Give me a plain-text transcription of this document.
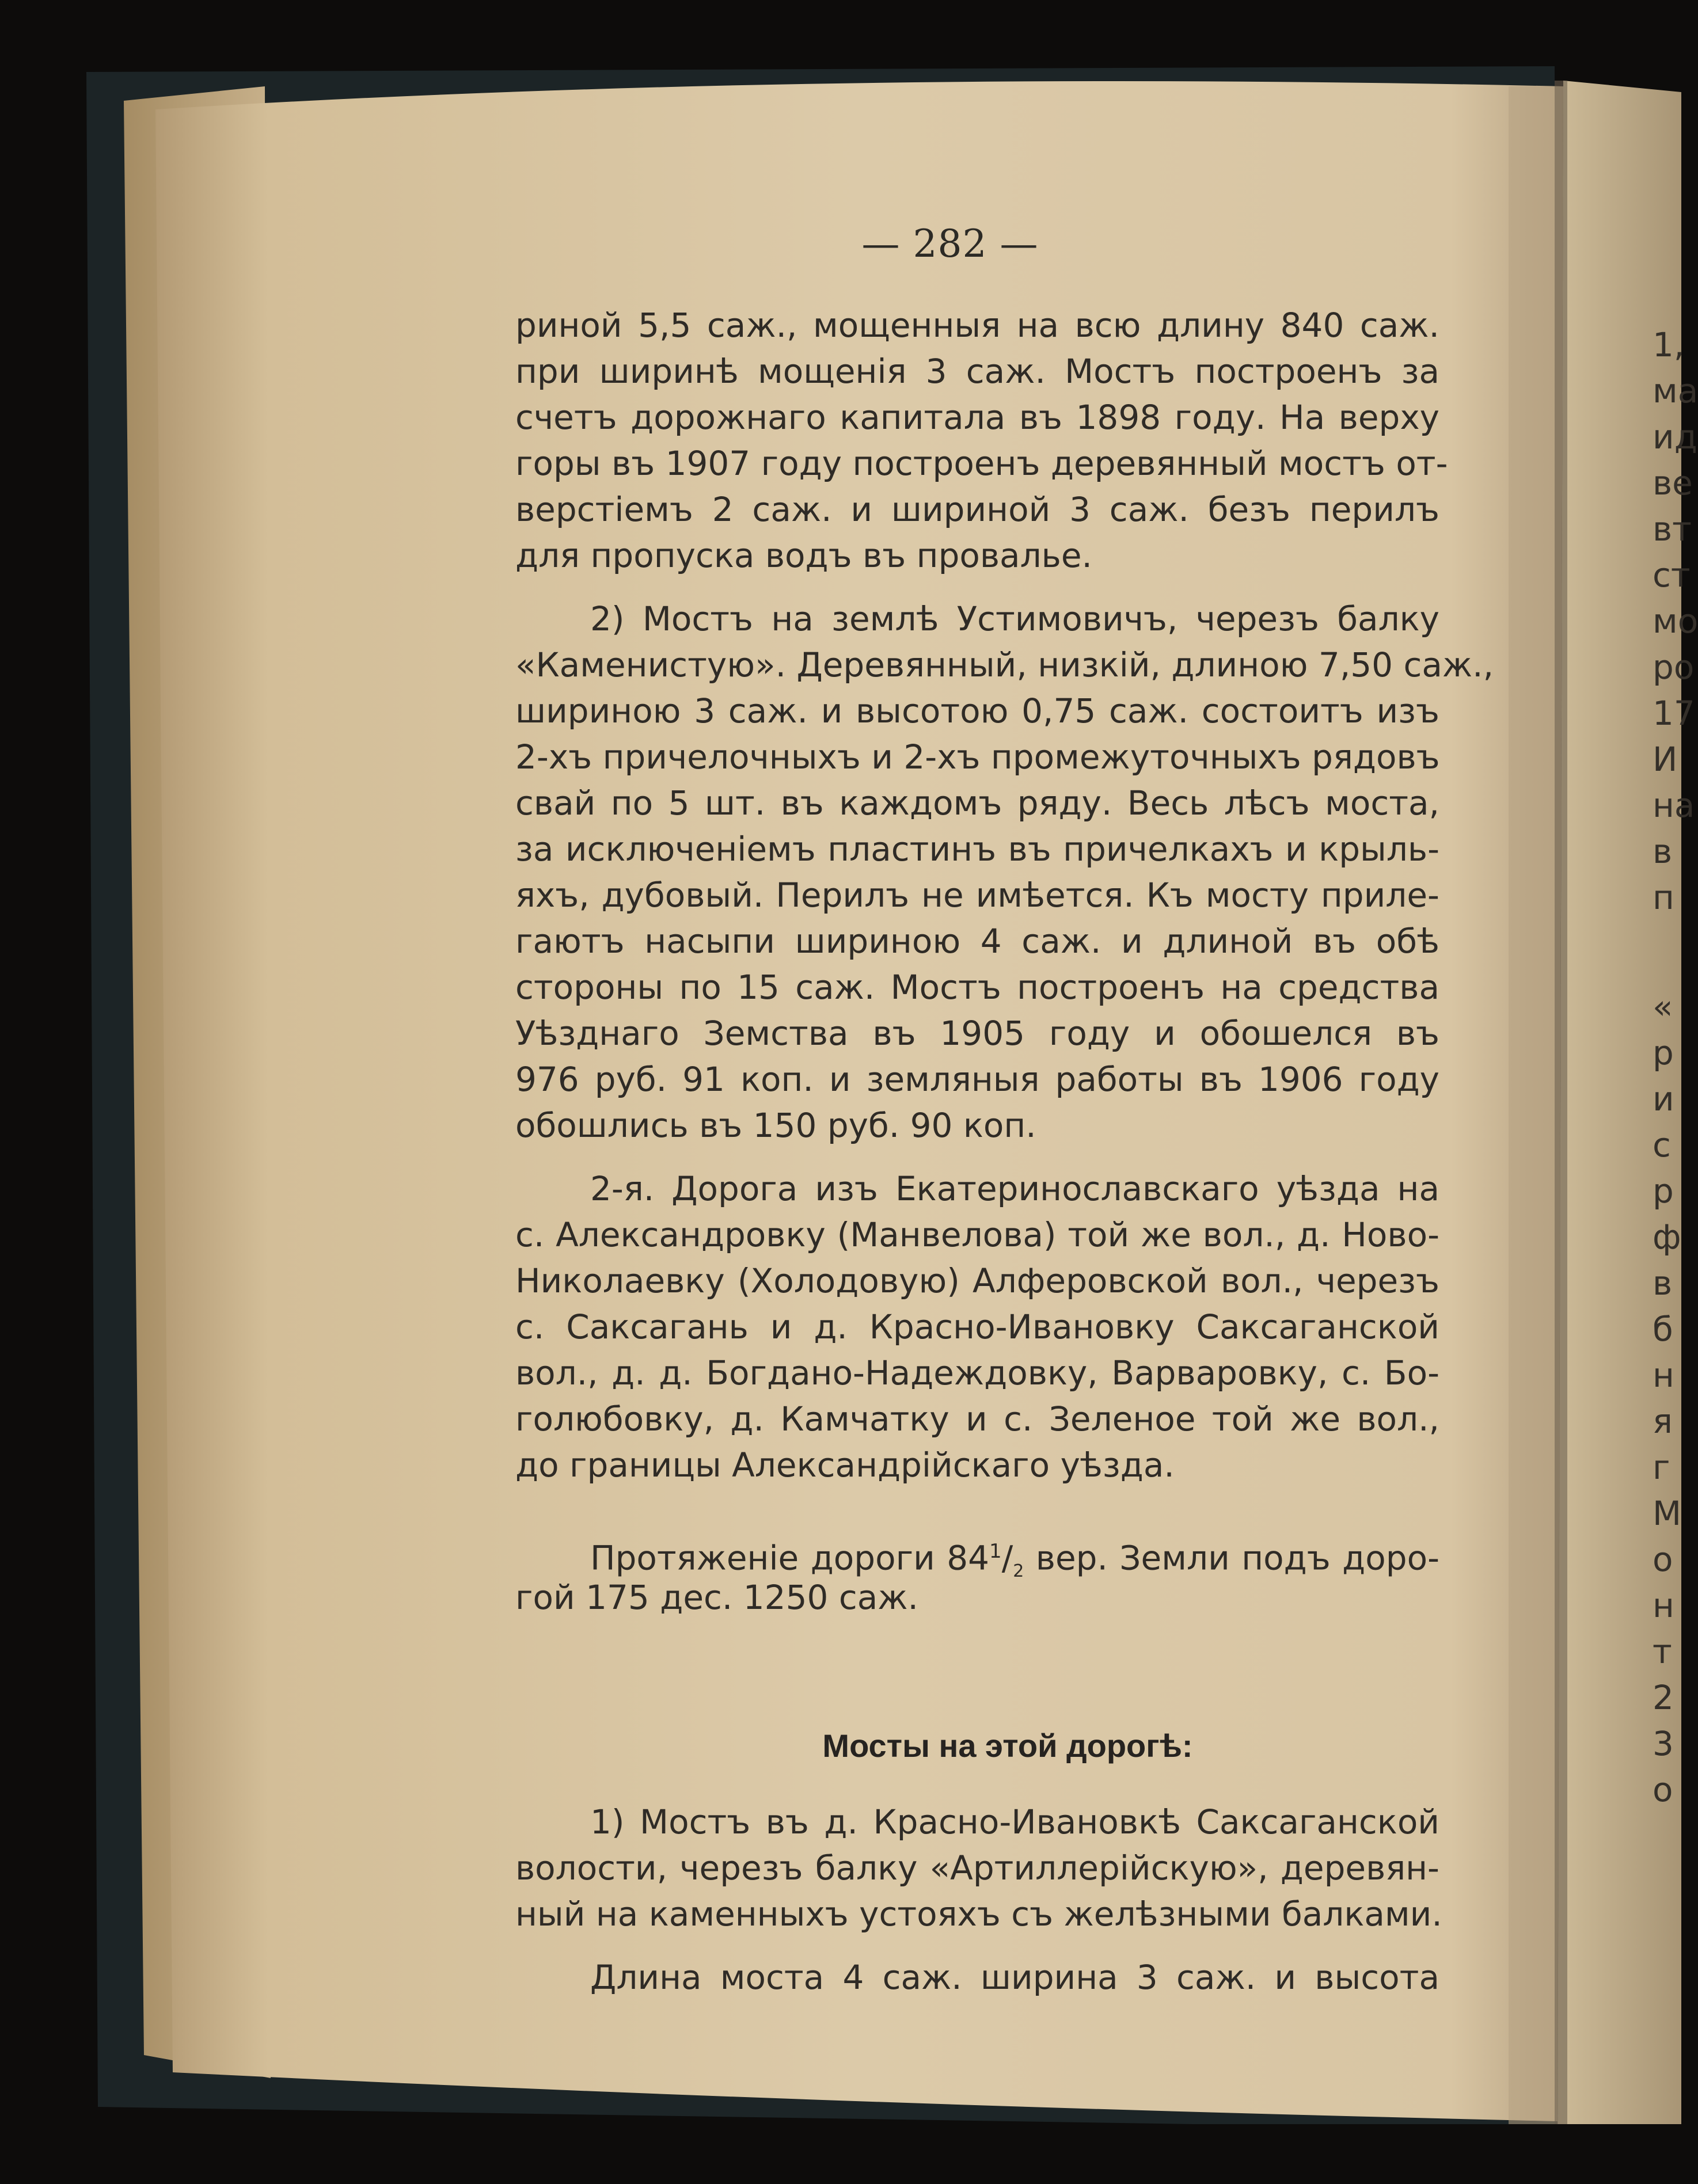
— 282 —
риной 5,5 саж., мощенныя на всю длину 840 саж.
при ширинѣ мощенія 3 саж. Мостъ построенъ за
счетъ дорожнаго капитала въ 1898 году. На верху
горы въ 1907 году построенъ деревянный мостъ от-
верстіемъ 2 саж. и шириной 3 саж. безъ перилъ
для пропуска водъ въ провалье.
2) Мостъ на землѣ Устимовичъ, черезъ балку
«Каменистую». Деревянный, низкій, длиною 7,50 саж.,
шириною 3 саж. и высотою 0,75 саж. состоитъ изъ
2-хъ причелочныхъ и 2-хъ промежуточныхъ рядовъ
свай по 5 шт. въ каждомъ ряду. Весь лѣсъ моста,
за исключеніемъ пластинъ въ причелкахъ и крыль-
яхъ, дубовый. Перилъ не имѣется. Къ мосту приле-
гаютъ насыпи шириною 4 саж. и длиной въ обѣ
стороны по 15 саж. Мостъ построенъ на средства
Уѣзднаго Земства въ 1905 году и обошелся въ
976 руб. 91 коп. и земляныя работы въ 1906 году
обошлись въ 150 руб. 90 коп.
2-я. Дорога изъ Екатеринославскаго уѣзда на
с. Александровку (Манвелова) той же вол., д. Ново-
Николаевку (Холодовую) Алферовской вол., черезъ
с. Саксагань и д. Красно-Ивановку Саксаганской
вол., д. д. Богдано-Надеждовку, Варваровку, с. Бо-
голюбовку, д. Камчатку и с. Зеленое той же вол.,
до границы Александрійскаго уѣзда.
Протяженіе дороги $84^1/_2$ вер. Земли подъ доро-
гой 175 дес. 1250 саж.
Мосты на этой дорогѣ:
1) Мостъ въ д. Красно-Ивановкѣ Саксаганской
волости, черезъ балку «Артиллерійскую», деревян-
ный на каменныхъ устояхъ съ желѣзными балками.
Длина моста 4 саж. ширина 3 саж. и высота
1,
ма
ид
ве
вт
ст
мо
ро
17
И
на
в
п
«
р
и
с
р
ф
в
б
н
я
г
М
о
н
т
2
3
о
